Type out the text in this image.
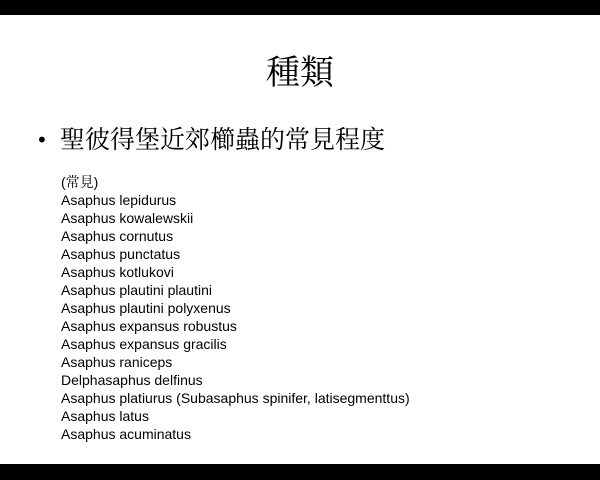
種類
• 聖彼得堡近郊櫛蟲的常見程度
(常見)
Asaphus lepidurus
Asaphus kowalewskii
Asaphus cornutus
Asaphus punctatus
Asaphus kotlukovi
Asaphus plautini plautini
Asaphus plautini polyxenus
Asaphus expansus robustus
Asaphus expansus gracilis
Asaphus raniceps
Delphasaphus delfinus
Asaphus platiurus (Subasaphus spinifer, latisegmenttus)
Asaphus latus
Asaphus acuminatus
